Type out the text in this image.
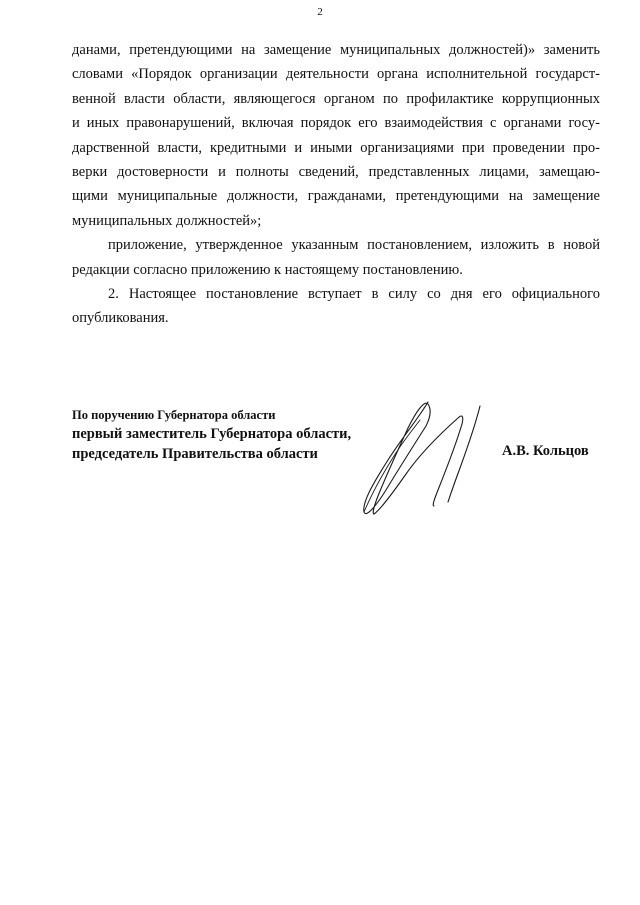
2
данами, претендующими на замещение муниципальных должностей)» заменить
словами «Порядок организации деятельности органа исполнительной государст-
венной власти области, являющегося органом по профилактике коррупционных
и иных правонарушений, включая порядок его взаимодействия с органами госу-
дарственной власти, кредитными и иными организациями при проведении про-
верки достоверности и полноты сведений, представленных лицами, замещаю-
щими муниципальные должности, гражданами, претендующими на замещение
муниципальных должностей»;
приложение, утвержденное указанным постановлением, изложить в новой
редакции согласно приложению к настоящему постановлению.
2. Настоящее постановление вступает в силу со дня его официального
опубликования.
По поручению Губернатора области
первый заместитель Губернатора области,
председатель Правительства области	А.В. Кольцов
